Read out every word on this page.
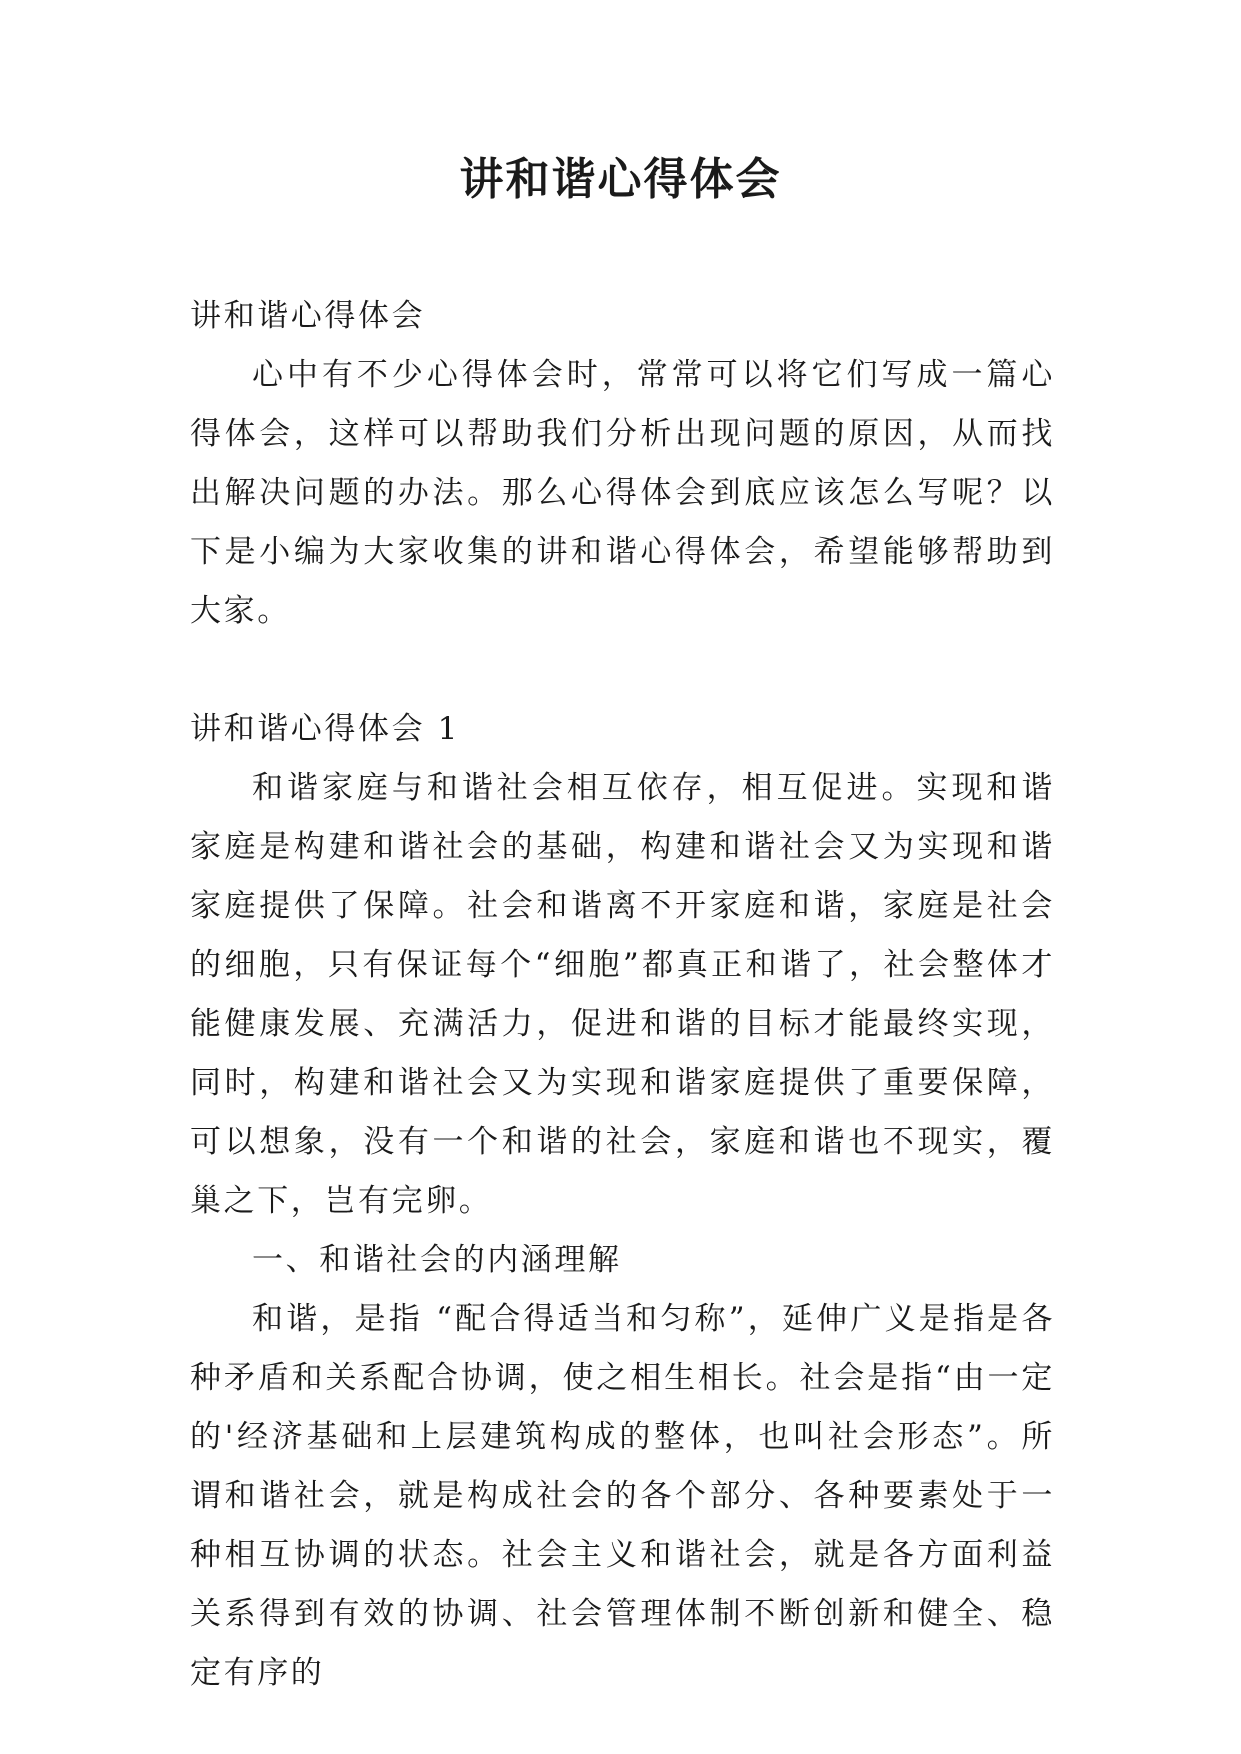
讲和谐心得体会

讲和谐心得体会

心中有不少心得体会时，常常可以将它们写成一篇心得体会，这样可以帮助我们分析出现问题的原因，从而找出解决问题的办法。那么心得体会到底应该怎么写呢？以下是小编为大家收集的讲和谐心得体会，希望能够帮助到大家。

讲和谐心得体会 1

和谐家庭与和谐社会相互依存，相互促进。实现和谐家庭是构建和谐社会的基础，构建和谐社会又为实现和谐家庭提供了保障。社会和谐离不开家庭和谐，家庭是社会的细胞，只有保证每个“细胞”都真正和谐了，社会整体才能健康发展、充满活力，促进和谐的目标才能最终实现，同时，构建和谐社会又为实现和谐家庭提供了重要保障，可以想象，没有一个和谐的社会，家庭和谐也不现实，覆巢之下，岂有完卵。

一、和谐社会的内涵理解

和谐，是指 “配合得适当和匀称”，延伸广义是指是各种矛盾和关系配合协调，使之相生相长。社会是指“由一定的'经济基础和上层建筑构成的整体，也叫社会形态”。所谓和谐社会，就是构成社会的各个部分、各种要素处于一种相互协调的状态。社会主义和谐社会，就是各方面利益关系得到有效的协调、社会管理体制不断创新和健全、稳定有序的
